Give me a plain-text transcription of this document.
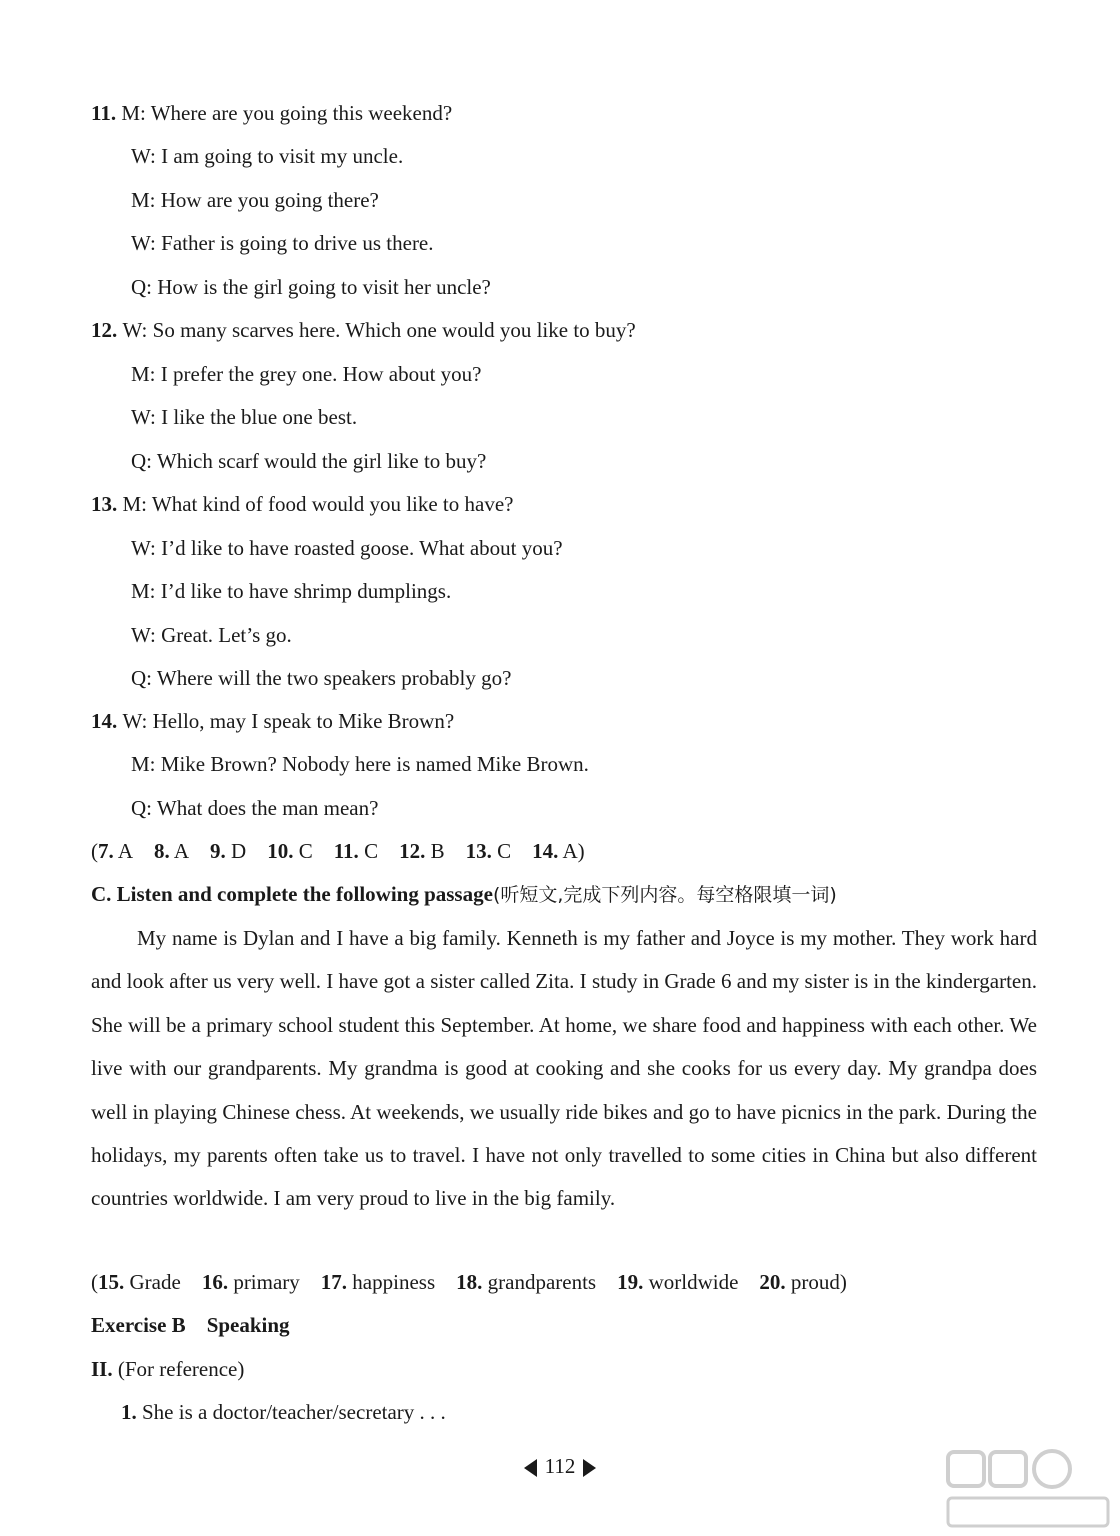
11. M: Where are you going this weekend?
W: I am going to visit my uncle.
M: How are you going there?
W: Father is going to drive us there.
Q: How is the girl going to visit her uncle?
12. W: So many scarves here. Which one would you like to buy?
M: I prefer the grey one. How about you?
W: I like the blue one best.
Q: Which scarf would the girl like to buy?
13. M: What kind of food would you like to have?
W: I’d like to have roasted goose. What about you?
M: I’d like to have shrimp dumplings.
W: Great. Let’s go.
Q: Where will the two speakers probably go?
14. W: Hello, may I speak to Mike Brown?
M: Mike Brown? Nobody here is named Mike Brown.
Q: What does the man mean?
(7. A 8. A 9. D 10. C 11. C 12. B 13. C 14. A)
C. Listen and complete the following passage(听短文,完成下列内容。每空格限填一词)
My name is Dylan and I have a big family. Kenneth is my father and Joyce is my mother. They work hard and look after us very well. I have got a sister called Zita. I study in Grade 6 and my sister is in the kindergarten. She will be a primary school student this September. At home, we share food and happiness with each other. We live with our grandparents. My grandma is good at cooking and she cooks for us every day. My grandpa does well in playing Chinese chess. At weekends, we usually ride bikes and go to have picnics in the park. During the holidays, my parents often take us to travel. I have not only travelled to some cities in China but also different countries worldwide. I am very proud to live in the big family.
(15. Grade 16. primary 17. happiness 18. grandparents 19. worldwide 20. proud)
Exercise B Speaking
II. (For reference)
1. She is a doctor/teacher/secretary . . .
112
